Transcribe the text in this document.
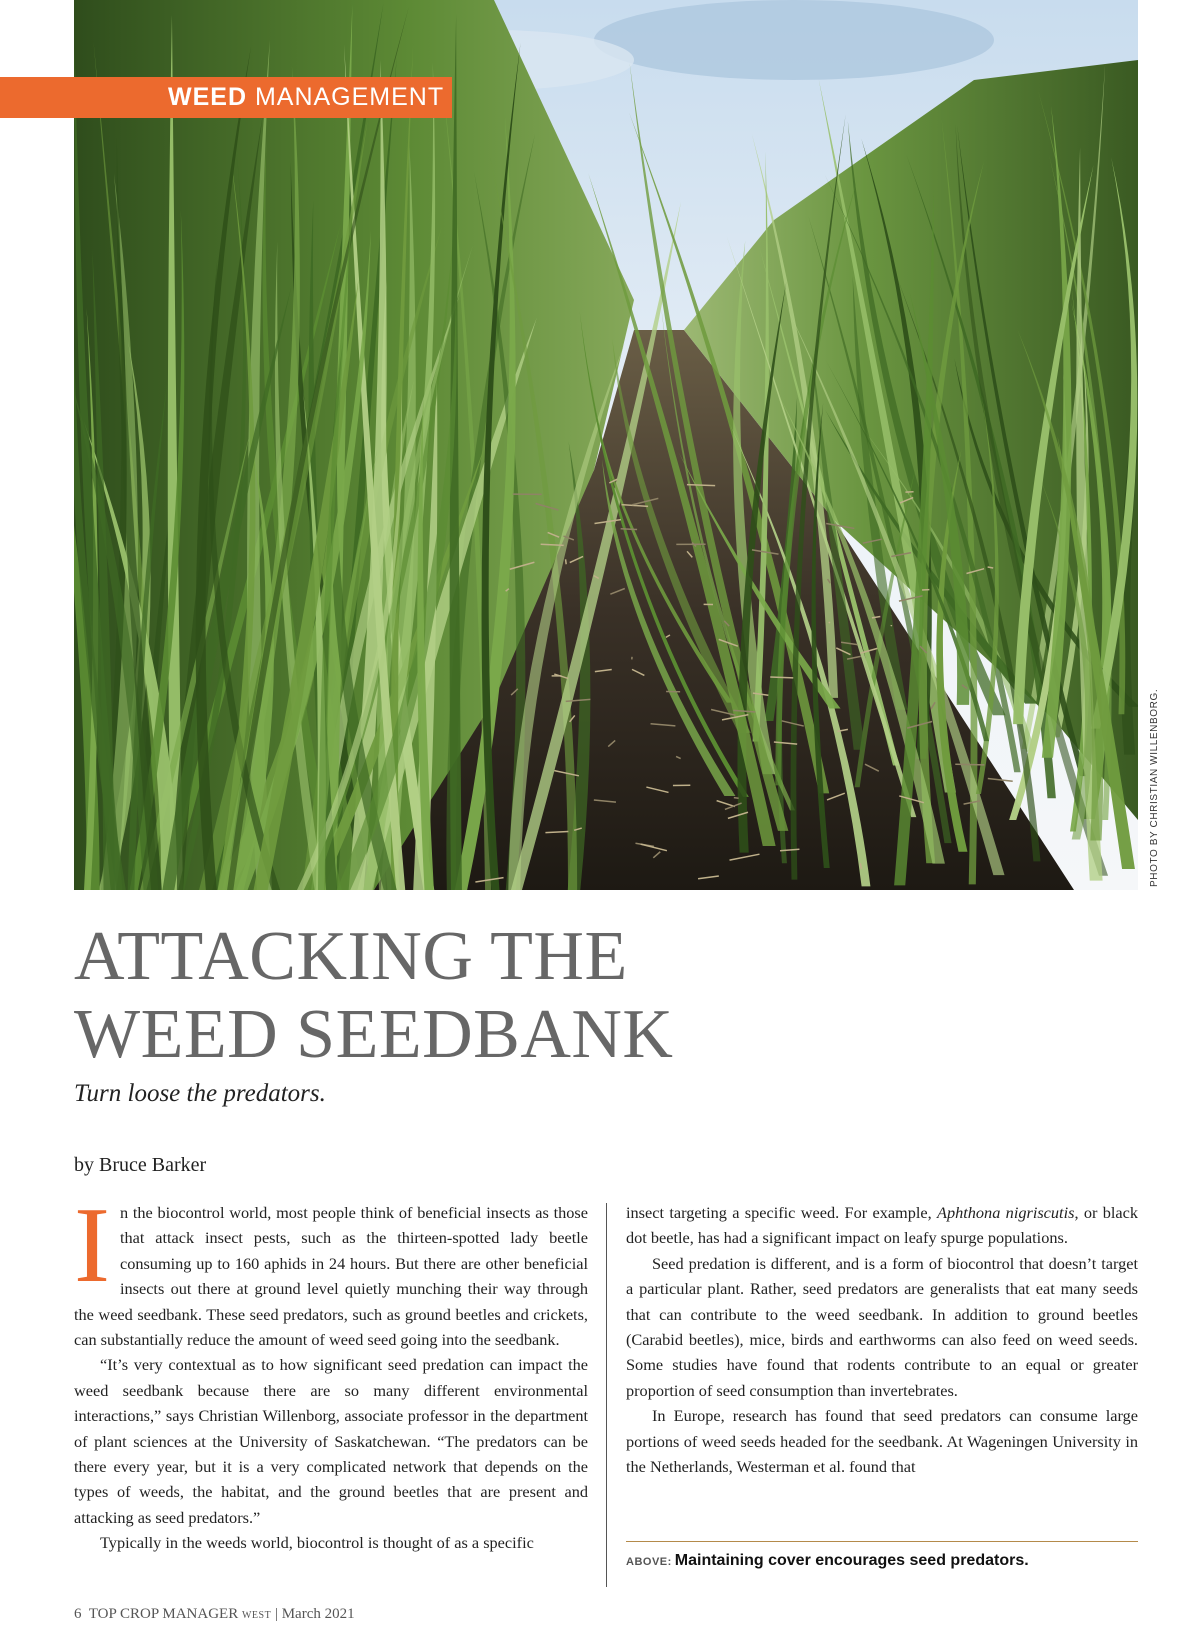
PHOTO BY CHRISTIAN WILLENBORG.
WEED MANAGEMENT
ATTACKING THE
WEED SEEDBANK

Turn loose the predators.

by Bruce Barker

I n the biocontrol world, most people think of beneficial insects as those that attack insect pests, such as the thirteen-spotted lady beetle consuming up to 160 aphids in 24 hours. But there are other beneficial insects out there at ground level quietly munching their way through the weed seedbank. These seed predators, such as ground beetles and crickets, can substantially reduce the amount of weed seed going into the seedbank.

“It’s very contextual as to how significant seed predation can impact the weed seedbank because there are so many different environmental interactions,” says Christian Willenborg, associate professor in the department of plant sciences at the University of Saskatchewan. “The predators can be there every year, but it is a very complicated network that depends on the types of weeds, the habitat, and the ground beetles that are present and attacking as seed predators.”

Typically in the weeds world, biocontrol is thought of as a specific

insect targeting a specific weed. For example, Aphthona nigriscutis, or black dot beetle, has had a significant impact on leafy spurge populations.

Seed predation is different, and is a form of biocontrol that doesn’t target a particular plant. Rather, seed predators are generalists that eat many seeds that can contribute to the weed seedbank. In addition to ground beetles (Carabid beetles), mice, birds and earthworms can also feed on weed seeds. Some studies have found that rodents contribute to an equal or greater proportion of seed consumption than invertebrates.

In Europe, research has found that seed predators can consume large portions of weed seeds headed for the seedbank. At Wageningen University in the Netherlands, Westerman et al. found that

ABOVE: Maintaining cover encourages seed predators.
6 TOP CROP MANAGER WEST | March 2021
